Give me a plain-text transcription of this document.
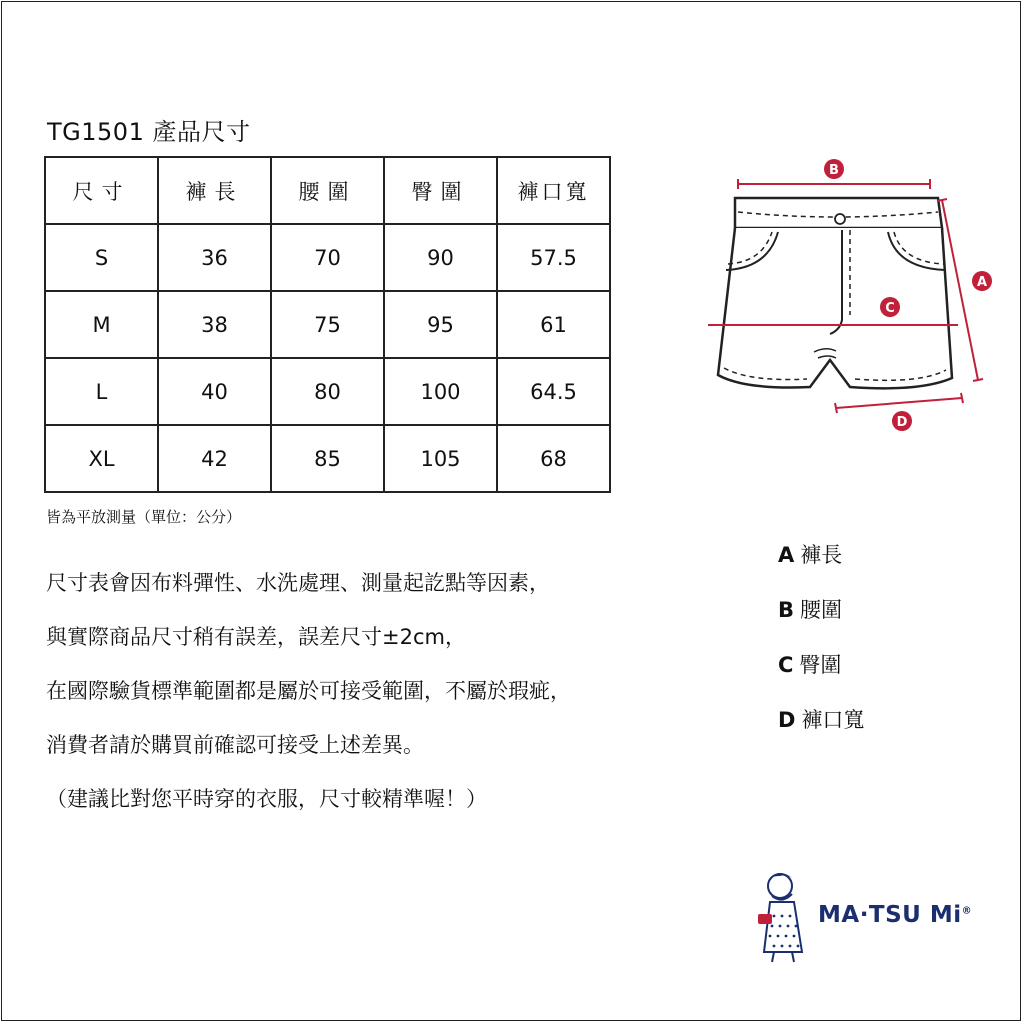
TG1501 產品尺寸
尺寸	褲長	腰圍	臀圍	褲口寬
S	36	70	90	57.5
M	38	75	95	61
L	40	80	100	64.5
XL	42	85	105	68
皆為平放測量（單位：公分）
尺寸表會因布料彈性、水洗處理、測量起訖點等因素，
與實際商品尺寸稍有誤差，誤差尺寸±2cm，
在國際驗貨標準範圍都是屬於可接受範圍，不屬於瑕疵，
消費者請於購買前確認可接受上述差異。
（建議比對您平時穿的衣服，尺寸較精準喔！）
B
C
A
D
A 褲長
B 腰圍
C 臀圍
D 褲口寬
MA·TSU Mi®
